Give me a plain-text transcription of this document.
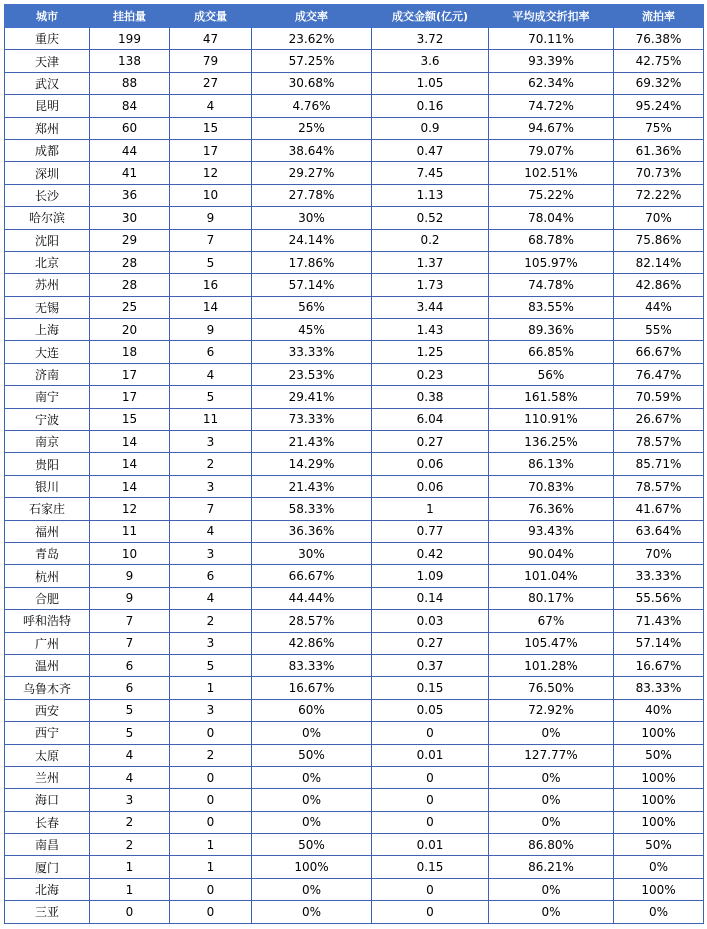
城市	挂拍量	成交量	成交率	成交金额(亿元)	平均成交折扣率	流拍率
重庆	199	47	23.62%	3.72	70.11%	76.38%
天津	138	79	57.25%	3.6	93.39%	42.75%
武汉	88	27	30.68%	1.05	62.34%	69.32%
昆明	84	4	4.76%	0.16	74.72%	95.24%
郑州	60	15	25%	0.9	94.67%	75%
成都	44	17	38.64%	0.47	79.07%	61.36%
深圳	41	12	29.27%	7.45	102.51%	70.73%
长沙	36	10	27.78%	1.13	75.22%	72.22%
哈尔滨	30	9	30%	0.52	78.04%	70%
沈阳	29	7	24.14%	0.2	68.78%	75.86%
北京	28	5	17.86%	1.37	105.97%	82.14%
苏州	28	16	57.14%	1.73	74.78%	42.86%
无锡	25	14	56%	3.44	83.55%	44%
上海	20	9	45%	1.43	89.36%	55%
大连	18	6	33.33%	1.25	66.85%	66.67%
济南	17	4	23.53%	0.23	56%	76.47%
南宁	17	5	29.41%	0.38	161.58%	70.59%
宁波	15	11	73.33%	6.04	110.91%	26.67%
南京	14	3	21.43%	0.27	136.25%	78.57%
贵阳	14	2	14.29%	0.06	86.13%	85.71%
银川	14	3	21.43%	0.06	70.83%	78.57%
石家庄	12	7	58.33%	1	76.36%	41.67%
福州	11	4	36.36%	0.77	93.43%	63.64%
青岛	10	3	30%	0.42	90.04%	70%
杭州	9	6	66.67%	1.09	101.04%	33.33%
合肥	9	4	44.44%	0.14	80.17%	55.56%
呼和浩特	7	2	28.57%	0.03	67%	71.43%
广州	7	3	42.86%	0.27	105.47%	57.14%
温州	6	5	83.33%	0.37	101.28%	16.67%
乌鲁木齐	6	1	16.67%	0.15	76.50%	83.33%
西安	5	3	60%	0.05	72.92%	40%
西宁	5	0	0%	0	0%	100%
太原	4	2	50%	0.01	127.77%	50%
兰州	4	0	0%	0	0%	100%
海口	3	0	0%	0	0%	100%
长春	2	0	0%	0	0%	100%
南昌	2	1	50%	0.01	86.80%	50%
厦门	1	1	100%	0.15	86.21%	0%
北海	1	0	0%	0	0%	100%
三亚	0	0	0%	0	0%	0%
